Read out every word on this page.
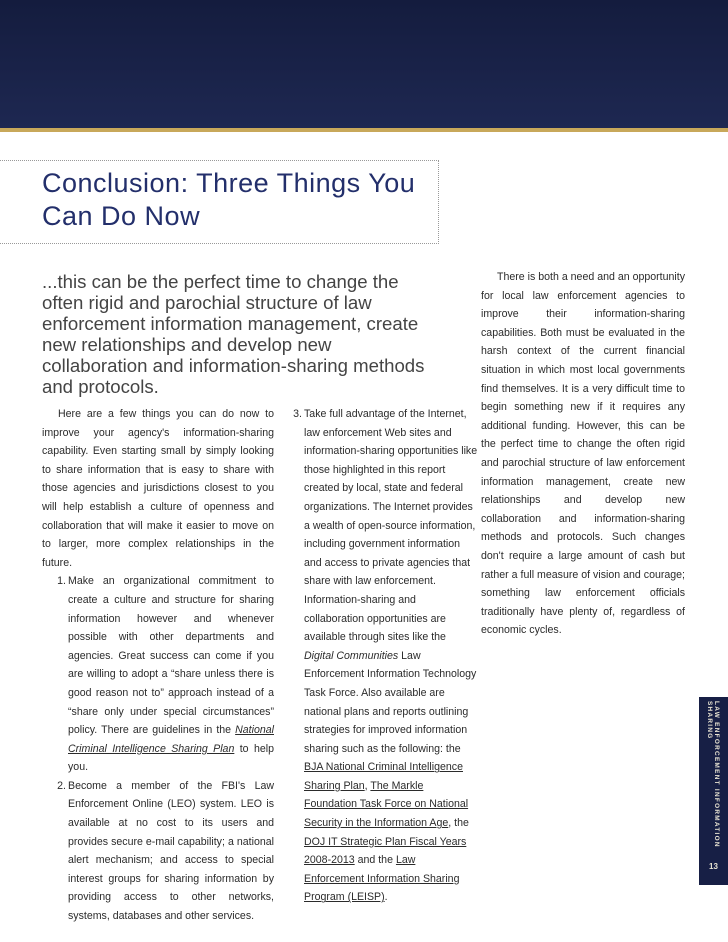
Conclusion: Three Things You Can Do Now
...this can be the perfect time to change the often rigid and parochial structure of law enforcement information management, create new relationships and develop new collaboration and information-sharing methods and protocols.
Here are a few things you can do now to improve your agency's information-sharing capability. Even starting small by simply looking to share information that is easy to share with those agencies and jurisdictions closest to you will help establish a culture of openness and collaboration that will make it easier to move on to larger, more complex relationships in the future.
1. Make an organizational commitment to create a culture and structure for sharing information however and whenever possible with other departments and agencies. Great success can come if you are willing to adopt a “share unless there is good reason not to” approach instead of a “share only under special circumstances” policy. There are guidelines in the National Criminal Intelligence Sharing Plan to help you.
2. Become a member of the FBI's Law Enforcement Online (LEO) system. LEO is available at no cost to its users and provides secure e-mail capability; a national alert mechanism; and access to special interest groups for sharing information by providing access to other networks, systems, databases and other services.
3. Take full advantage of the Internet, law enforcement Web sites and information-sharing opportunities like those highlighted in this report created by local, state and federal organizations. The Internet provides a wealth of open-source information, including government information and access to private agencies that share with law enforcement. Information-sharing and collaboration opportunities are available through sites like the Digital Communities Law Enforcement Information Technology Task Force. Also available are national plans and reports outlining strategies for improved information sharing such as the following: the BJA National Criminal Intelligence Sharing Plan, The Markle Foundation Task Force on National Security in the Information Age, the DOJ IT Strategic Plan Fiscal Years 2008-2013 and the Law Enforcement Information Sharing Program (LEISP).
There is both a need and an opportunity for local law enforcement agencies to improve their information-sharing capabilities. Both must be evaluated in the harsh context of the current financial situation in which most local governments find themselves. It is a very difficult time to begin something new if it requires any additional funding. However, this can be the perfect time to change the often rigid and parochial structure of law enforcement information management, create new relationships and develop new collaboration and information-sharing methods and protocols. Such changes don't require a large amount of cash but rather a full measure of vision and courage; something law enforcement officials traditionally have plenty of, regardless of economic cycles.
LAW ENFORCEMENT INFORMATION SHARING
13
